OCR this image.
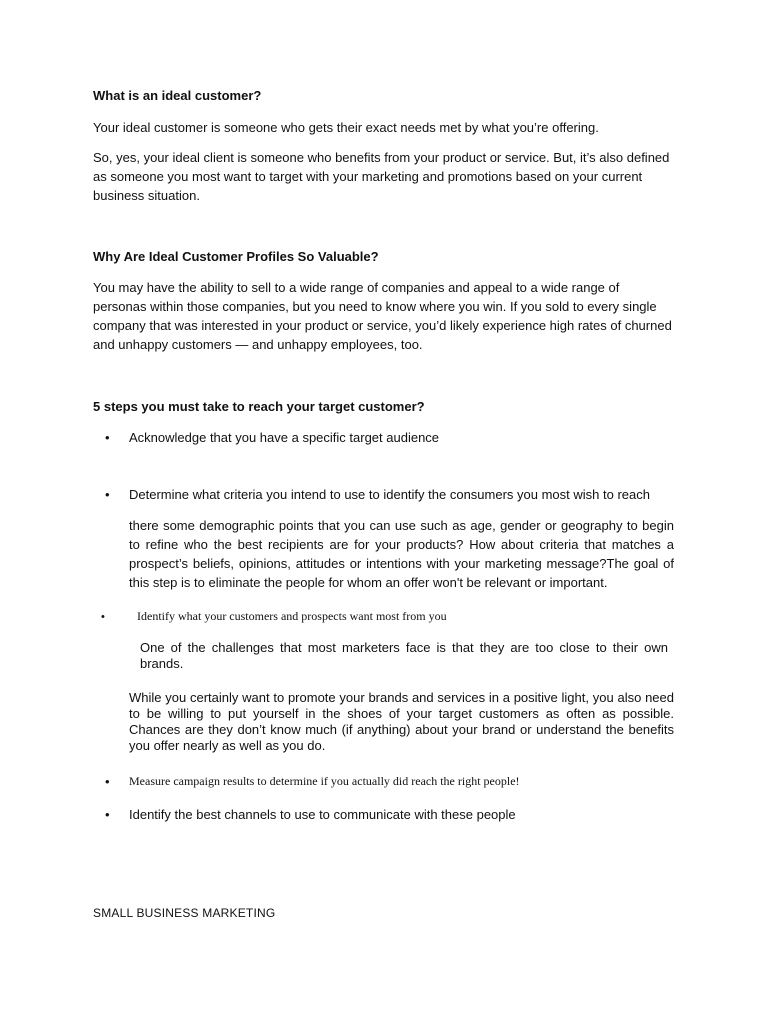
What is an ideal customer?
Your ideal customer is someone who gets their exact needs met by what you’re offering.
So, yes, your ideal client is someone who benefits from your product or service. But, it’s also defined as someone you most want to target with your marketing and promotions based on your current business situation.
Why Are Ideal Customer Profiles So Valuable?
You may have the ability to sell to a wide range of companies and appeal to a wide range of personas within those companies, but you need to know where you win. If you sold to every single company that was interested in your product or service, you’d likely experience high rates of churned and unhappy customers — and unhappy employees, too.
5 steps you must take to reach your target customer?
• Acknowledge that you have a specific target audience
• Determine what criteria you intend to use to identify the consumers you most wish to reach
there some demographic points that you can use such as age, gender or geography to begin to refine who the best recipients are for your products? How about criteria that matches a prospect’s beliefs, opinions, attitudes or intentions with your marketing message?The goal of this step is to eliminate the people for whom an offer won't be relevant or important.
•	Identify what your customers and prospects want most from you
One of the challenges that most marketers face is that they are too close to their own brands.
While you certainly want to promote your brands and services in a positive light, you also need to be willing to put yourself in the shoes of your target customers as often as possible. Chances are they don’t know much (if anything) about your brand or understand the benefits you offer nearly as well as you do.
• Measure campaign results to determine if you actually did reach the right people!
• Identify the best channels to use to communicate with these people
SMALL BUSINESS MARKETING
